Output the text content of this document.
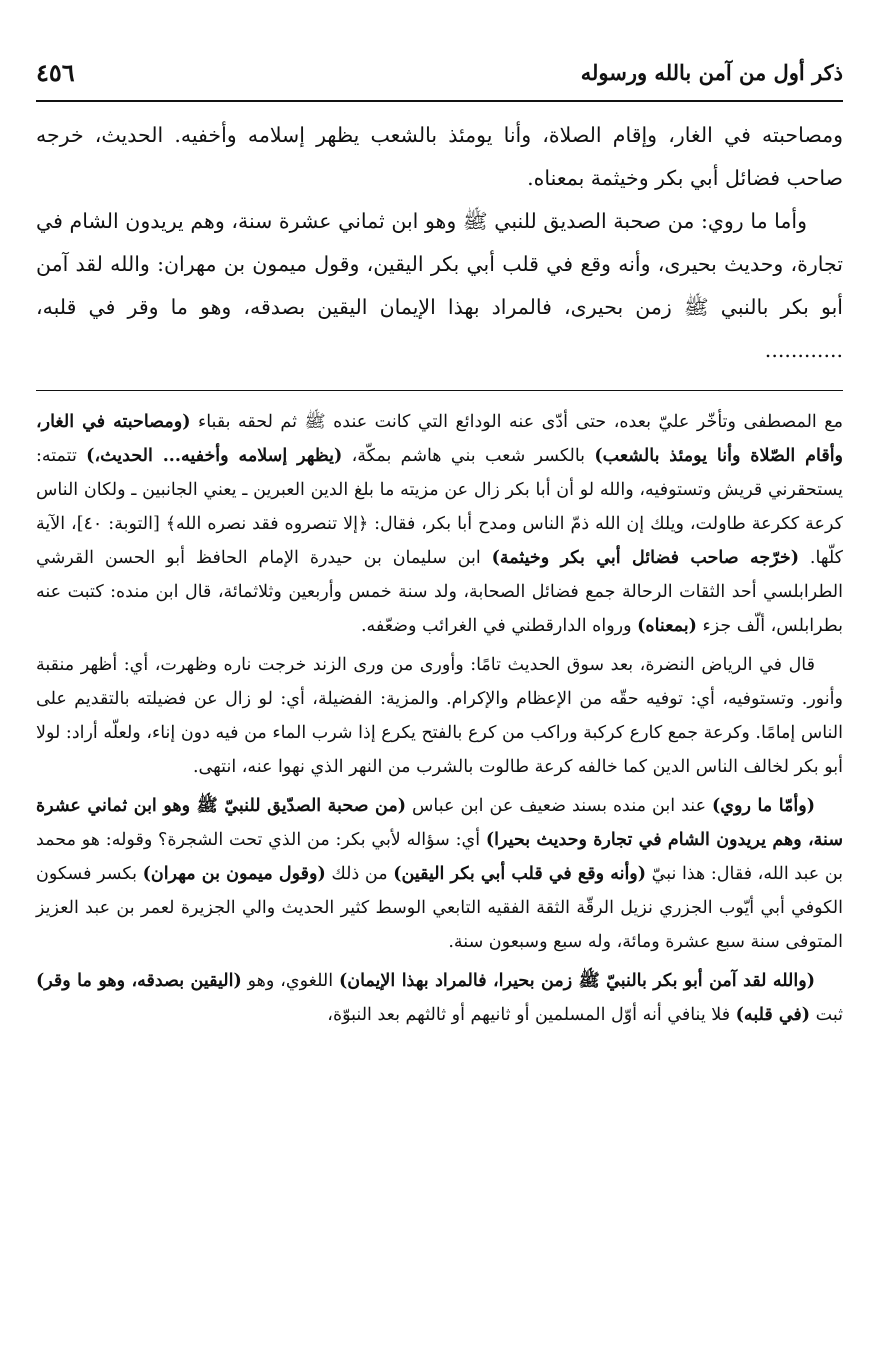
ذكر أول من آمن بالله ورسوله
٤٥٦

ومصاحبته في الغار، وإقام الصلاة، وأنا يومئذ بالشعب يظهر إسلامه وأخفيه. الحديث، خرجه صاحب فضائل أبي بكر وخيثمة بمعناه.

وأما ما روي: من صحبة الصديق للنبي ﷺ وهو ابن ثماني عشرة سنة، وهم يريدون الشام في تجارة، وحديث بحيرى، وأنه وقع في قلب أبي بكر اليقين، وقول ميمون بن مهران: والله لقد آمن أبو بكر بالنبي ﷺ زمن بحيرى، فالمراد بهذا الإيمان اليقين بصدقه، وهو ما وقر في قلبه، ............

مع المصطفى وتأخّر عليّ بعده، حتى أدّى عنه الودائع التي كانت عنده ﷺ ثم لحقه بقباء (ومصاحبته في الغار، وأقام الصّلاة وأنا يومئذ بالشعب) بالكسر شعب بني هاشم بمكّة، (يظهر إسلامه وأخفيه... الحديث،) تتمته: يستحقرني قريش وتستوفيه، والله لو أن أبا بكر زال عن مزيته ما بلغ الدين العبرين ـ يعني الجانبين ـ ولكان الناس كرعة ككرعة طاولت، ويلك إن الله ذمّ الناس ومدح أبا بكر، فقال: ﴿إلا تنصروه فقد نصره الله﴾ [التوبة: ٤٠]، الآية كلّها. (خرّجه صاحب فضائل أبي بكر وخيثمة) ابن سليمان بن حيدرة الإمام الحافظ أبو الحسن القرشي الطرابلسي أحد الثقات الرحالة جمع فضائل الصحابة، ولد سنة خمس وأربعين وثلاثمائة، قال ابن منده: كتبت عنه بطرابلس، ألّف جزء (بمعناه) ورواه الدارقطني في الغرائب وضعّفه.

قال في الرياض النضرة، بعد سوق الحديث تامًا: وأورى من ورى الزند خرجت ناره وظهرت، أي: أظهر منقبة وأنور. وتستوفيه، أي: توفيه حقّه من الإعظام والإكرام. والمزية: الفضيلة، أي: لو زال عن فضيلته بالتقديم على الناس إمامًا. وكرعة جمع كارع كركبة وراكب من كرع بالفتح يكرع إذا شرب الماء من فيه دون إناء، ولعلّه أراد: لولا أبو بكر لخالف الناس الدين كما خالفه كرعة طالوت بالشرب من النهر الذي نهوا عنه، انتهى.

(وأمّا ما روي) عند ابن منده بسند ضعيف عن ابن عباس (من صحبة الصدّيق للنبيّ ﷺ وهو ابن ثماني عشرة سنة، وهم يريدون الشام في تجارة وحديث بحيرا) أي: سؤاله لأبي بكر: من الذي تحت الشجرة؟ وقوله: هو محمد بن عبد الله، فقال: هذا نبيّ (وأنه وقع في قلب أبي بكر اليقين) من ذلك (وقول ميمون بن مهران) بكسر فسكون الكوفي أبي أيّوب الجزري نزيل الرقّة الثقة الفقيه التابعي الوسط كثير الحديث والي الجزيرة لعمر بن عبد العزيز المتوفى سنة سبع عشرة ومائة، وله سبع وسبعون سنة.

(والله لقد آمن أبو بكر بالنبيّ ﷺ زمن بحيرا، فالمراد بهذا الإيمان) اللغوي، وهو (اليقين بصدقه، وهو ما وقر) ثبت (في قلبه) فلا ينافي أنه أوّل المسلمين أو ثانيهم أو ثالثهم بعد النبوّة،
